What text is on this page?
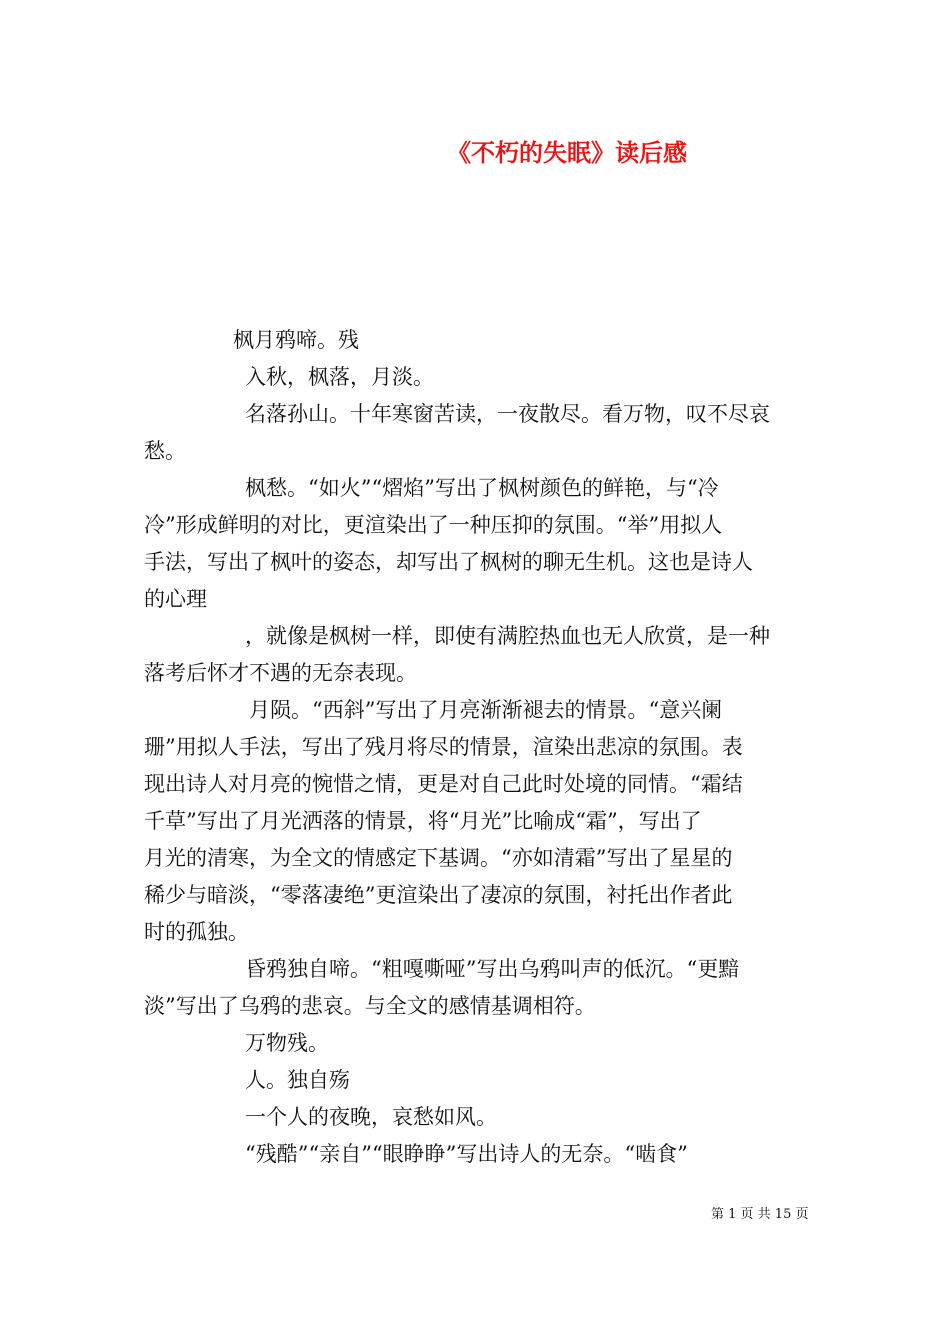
《不朽的失眠》读后感
枫月鸦啼。残
入秋，枫落，月淡。
名落孙山。十年寒窗苦读，一夜散尽。看万物，叹不尽哀
愁。
枫愁。“如火”“熠焰”写出了枫树颜色的鲜艳，与“冷
冷”形成鲜明的对比，更渲染出了一种压抑的氛围。“举”用拟人
手法，写出了枫叶的姿态，却写出了枫树的聊无生机。这也是诗人
的心理
，就像是枫树一样，即使有满腔热血也无人欣赏，是一种
落考后怀才不遇的无奈表现。
月陨。“西斜”写出了月亮渐渐褪去的情景。“意兴阑
珊”用拟人手法，写出了残月将尽的情景，渲染出悲凉的氛围。表
现出诗人对月亮的惋惜之情，更是对自己此时处境的同情。“霜结
千草”写出了月光洒落的情景，将“月光”比喻成“霜”，写出了
月光的清寒，为全文的情感定下基调。“亦如清霜”写出了星星的
稀少与暗淡，“零落凄绝”更渲染出了凄凉的氛围，衬托出作者此
时的孤独。
昏鸦独自啼。“粗嘎嘶哑”写出乌鸦叫声的低沉。“更黯
淡”写出了乌鸦的悲哀。与全文的感情基调相符。
万物残。
人。独自殇
一个人的夜晚，哀愁如风。
“残酷”“亲自”“眼睁睁”写出诗人的无奈。“啮食”
第 1 页 共 15 页
